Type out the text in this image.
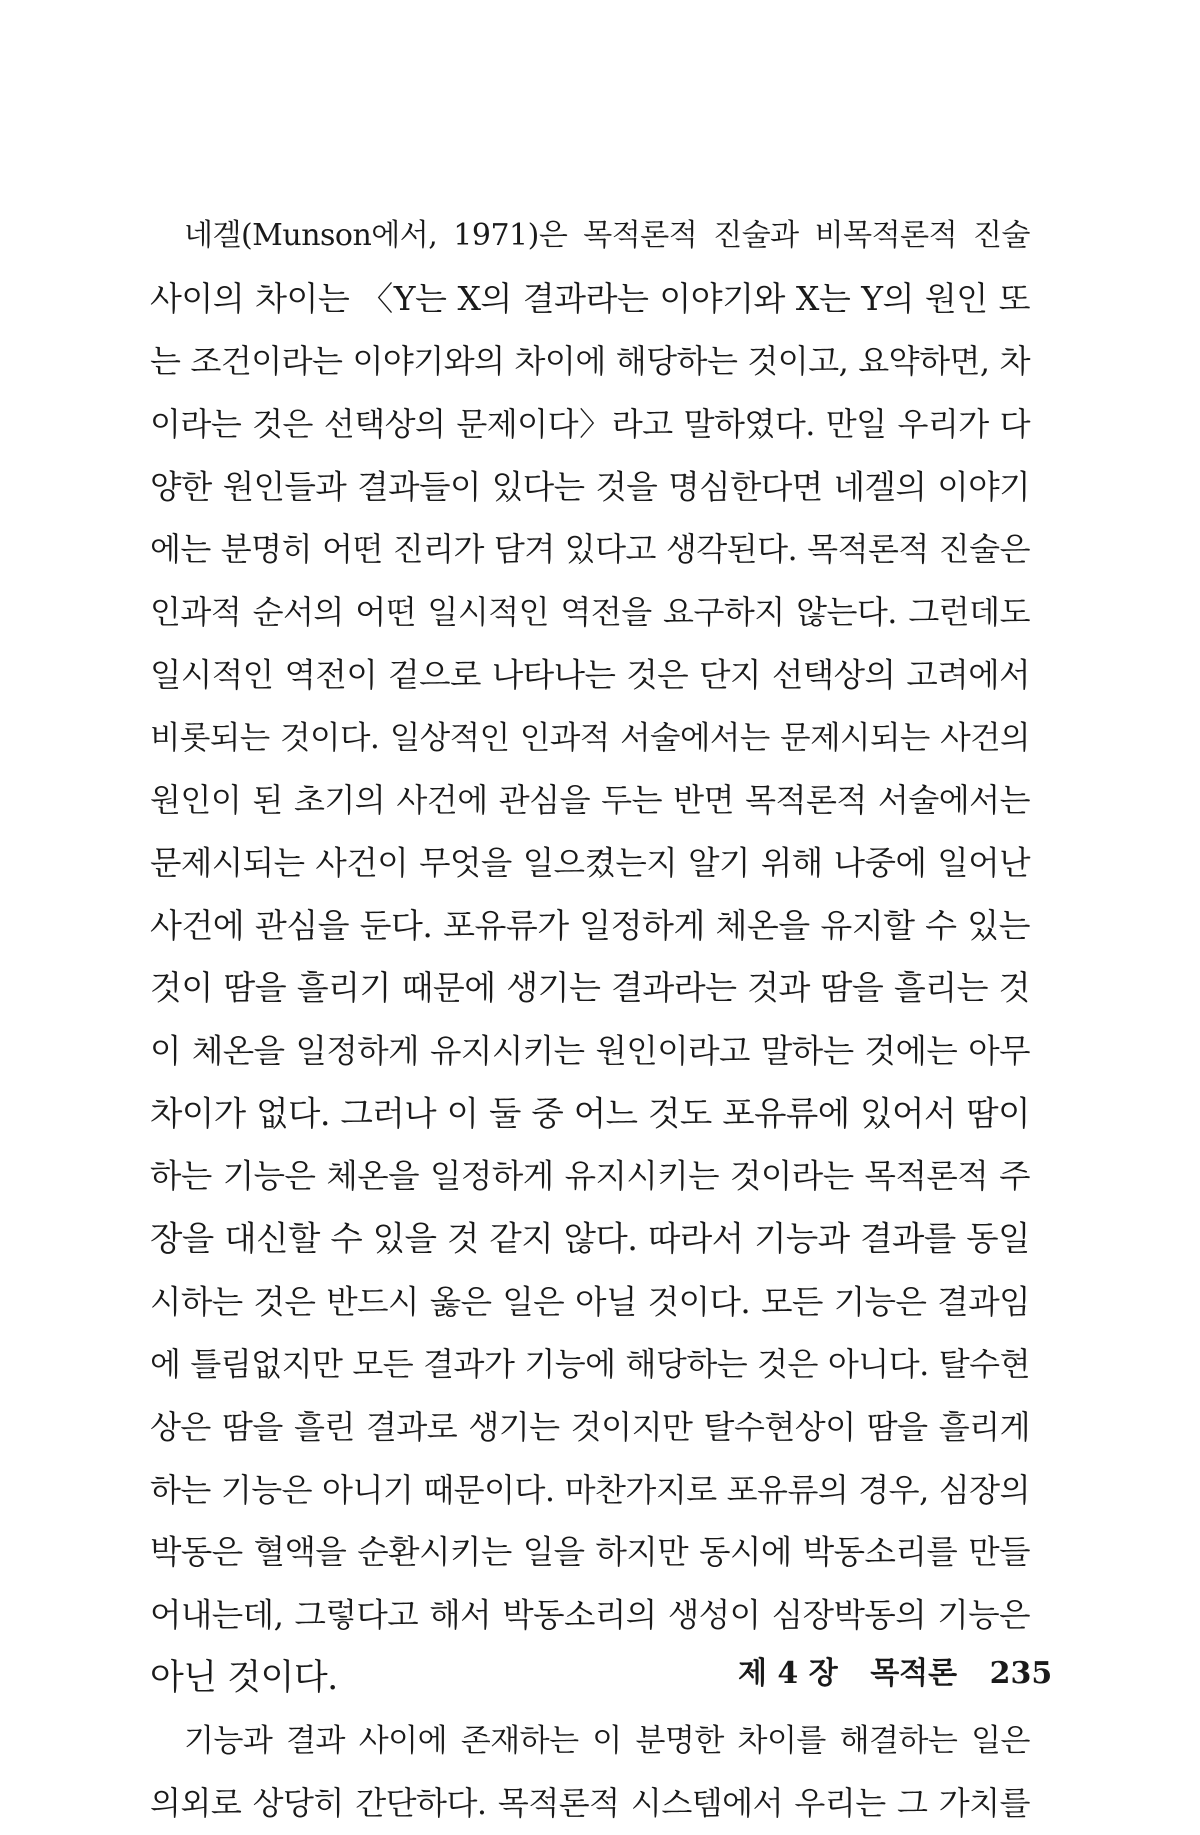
네겔(Munson에서, 1971)은 목적론적 진술과 비목적론적 진술
사이의 차이는 〈Y는 X의 결과라는 이야기와 X는 Y의 원인 또
는 조건이라는 이야기와의 차이에 해당하는 것이고, 요약하면, 차
이라는 것은 선택상의 문제이다〉라고 말하였다. 만일 우리가 다
양한 원인들과 결과들이 있다는 것을 명심한다면 네겔의 이야기
에는 분명히 어떤 진리가 담겨 있다고 생각된다. 목적론적 진술은
인과적 순서의 어떤 일시적인 역전을 요구하지 않는다. 그런데도
일시적인 역전이 겉으로 나타나는 것은 단지 선택상의 고려에서
비롯되는 것이다. 일상적인 인과적 서술에서는 문제시되는 사건의
원인이 된 초기의 사건에 관심을 두는 반면 목적론적 서술에서는
문제시되는 사건이 무엇을 일으켰는지 알기 위해 나중에 일어난
사건에 관심을 둔다. 포유류가 일정하게 체온을 유지할 수 있는
것이 땀을 흘리기 때문에 생기는 결과라는 것과 땀을 흘리는 것
이 체온을 일정하게 유지시키는 원인이라고 말하는 것에는 아무
차이가 없다. 그러나 이 둘 중 어느 것도 포유류에 있어서 땀이
하는 기능은 체온을 일정하게 유지시키는 것이라는 목적론적 주
장을 대신할 수 있을 것 같지 않다. 따라서 기능과 결과를 동일
시하는 것은 반드시 옳은 일은 아닐 것이다. 모든 기능은 결과임
에 틀림없지만 모든 결과가 기능에 해당하는 것은 아니다. 탈수현
상은 땀을 흘린 결과로 생기는 것이지만 탈수현상이 땀을 흘리게
하는 기능은 아니기 때문이다. 마찬가지로 포유류의 경우, 심장의
박동은 혈액을 순환시키는 일을 하지만 동시에 박동소리를 만들
어내는데, 그렇다고 해서 박동소리의 생성이 심장박동의 기능은
아닌 것이다.
기능과 결과 사이에 존재하는 이 분명한 차이를 해결하는 일은
의외로 상당히 간단하다. 목적론적 시스템에서 우리는 그 가치를
제 4 장 목적론 235
